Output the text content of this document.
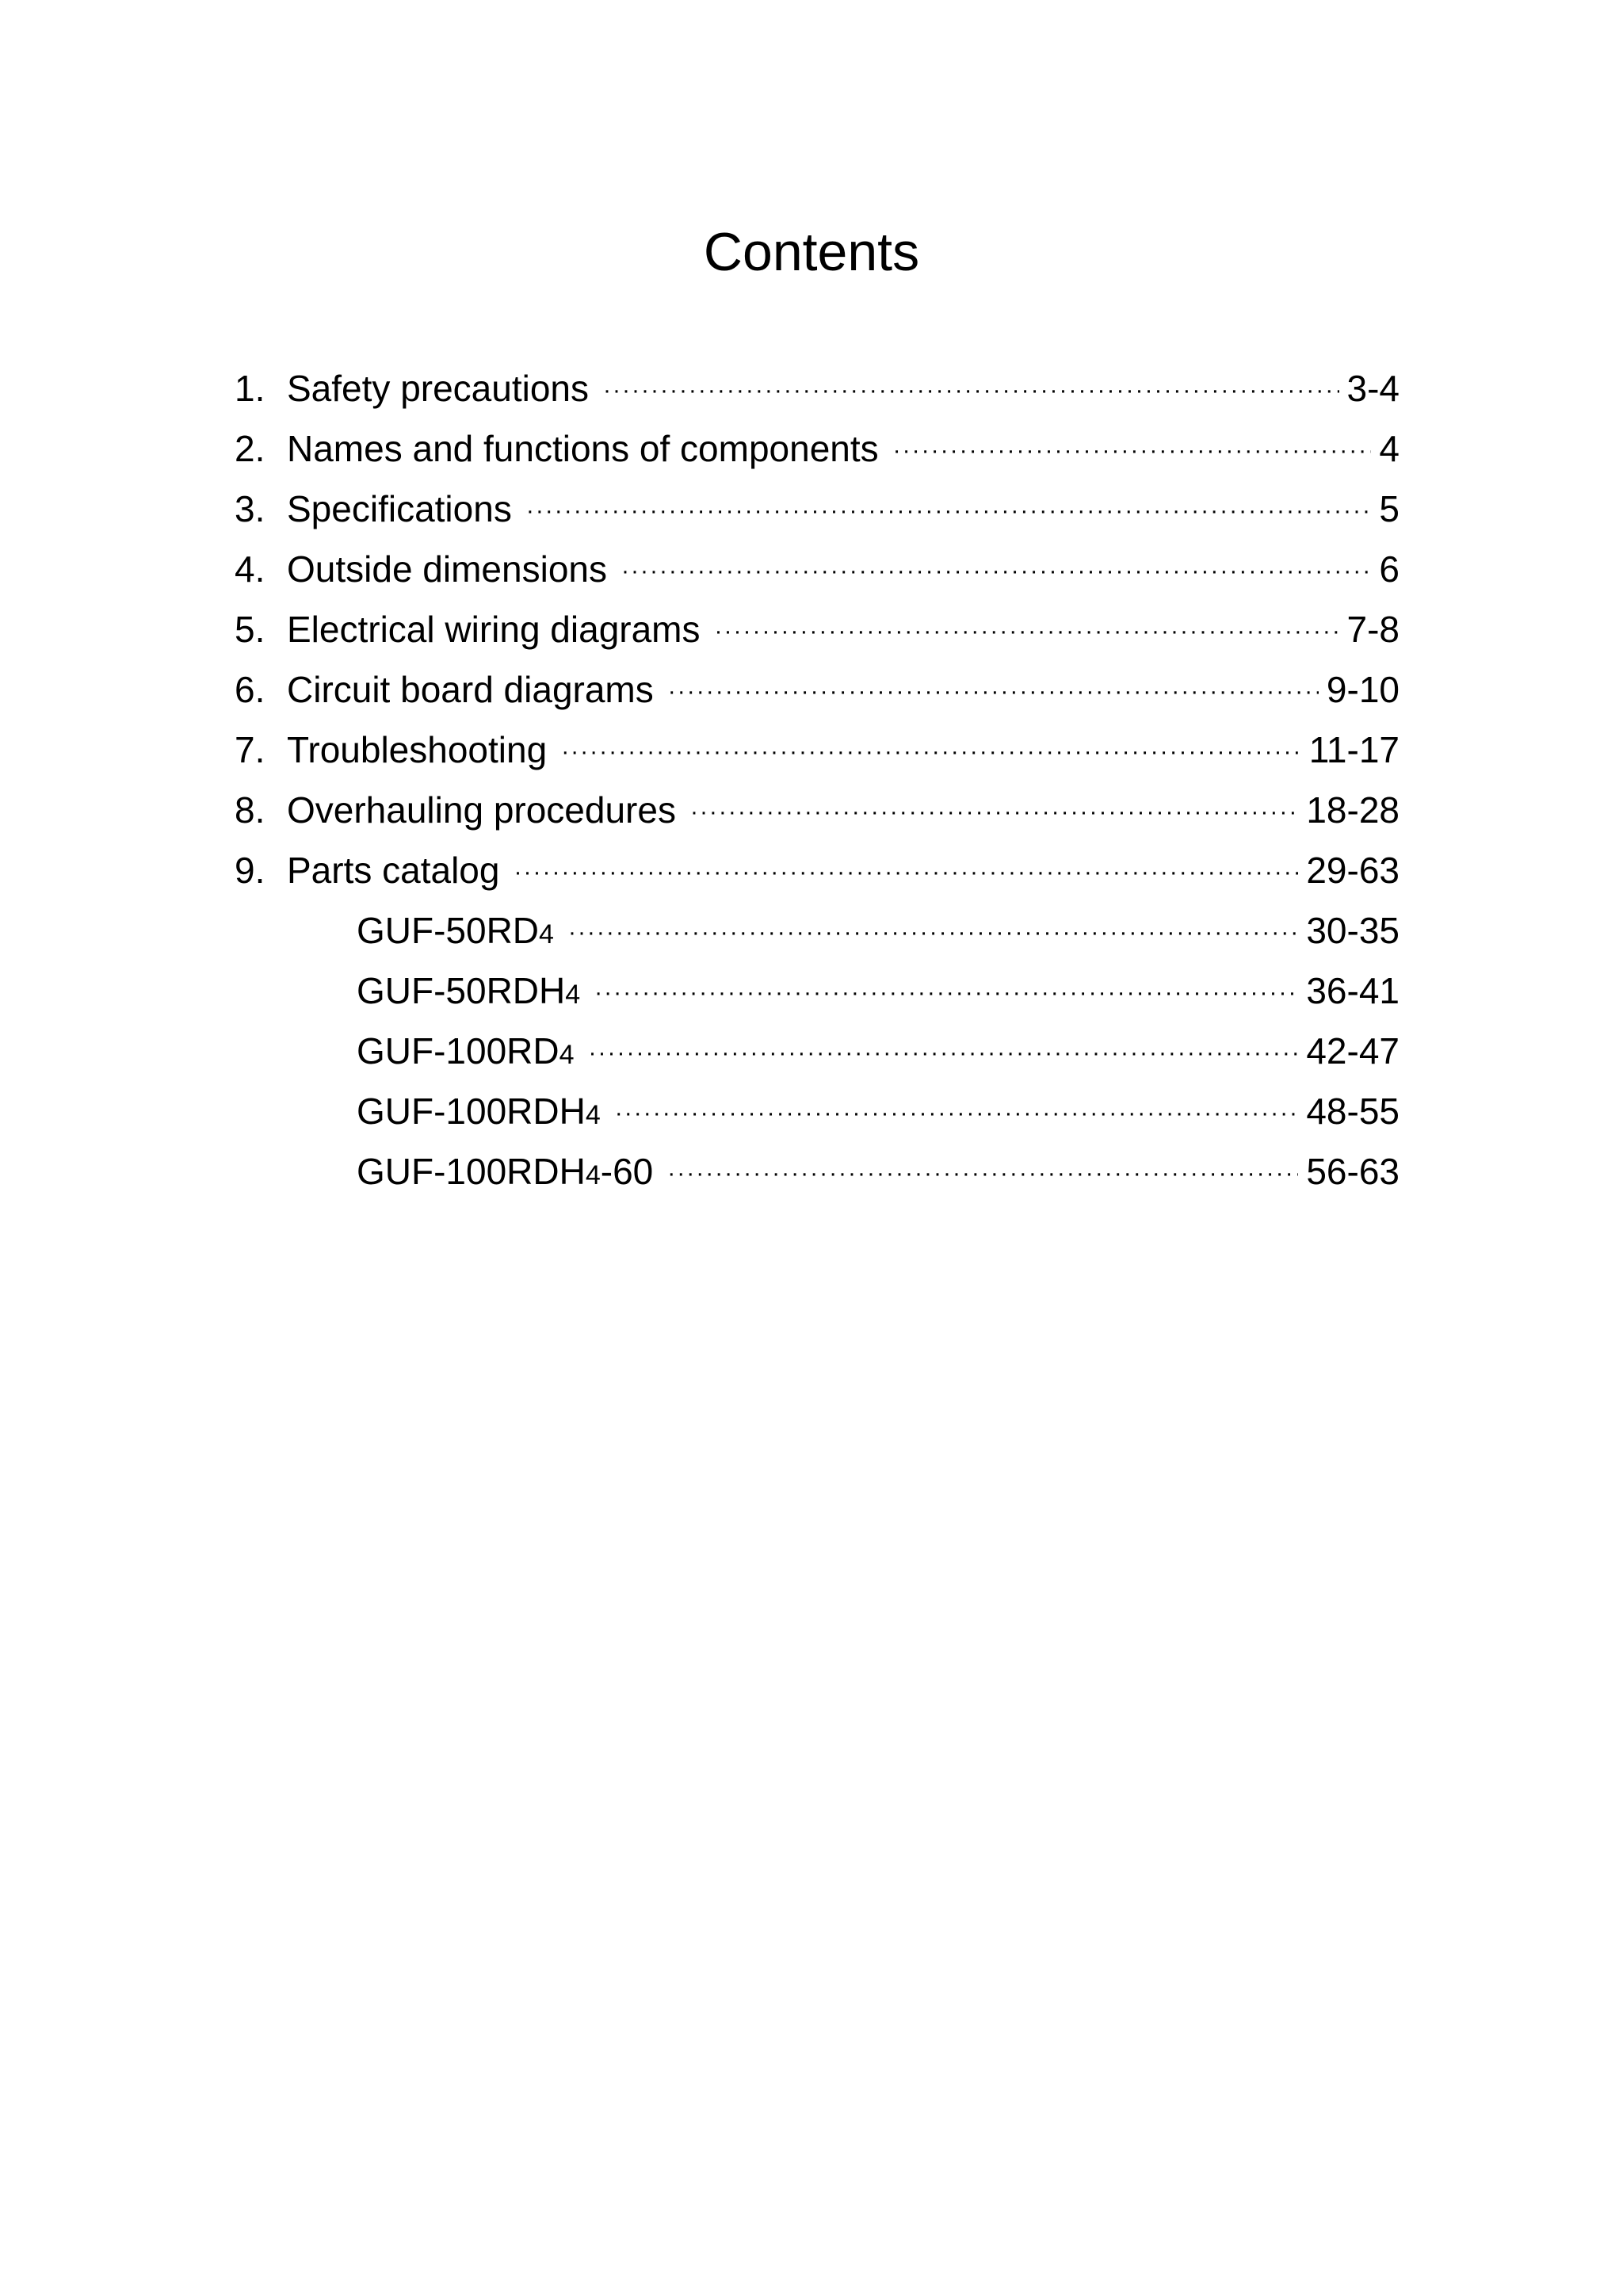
Contents
1. Safety precautions ·····	3-4
2. Names and functions of components ·····	4
3. Specifications ·····	5
4. Outside dimensions ·····	6
5. Electrical wiring diagrams ·····	7-8
6. Circuit board diagrams ·····	9-10
7. Troubleshooting ·····	11-17
8. Overhauling procedures ·····	18-28
9. Parts catalog ·····	29-63
GUF-50RD4 ·····	30-35
GUF-50RDH4 ·····	36-41
GUF-100RD4 ·····	42-47
GUF-100RDH4 ·····	48-55
GUF-100RDH4-60 ·····	56-63
